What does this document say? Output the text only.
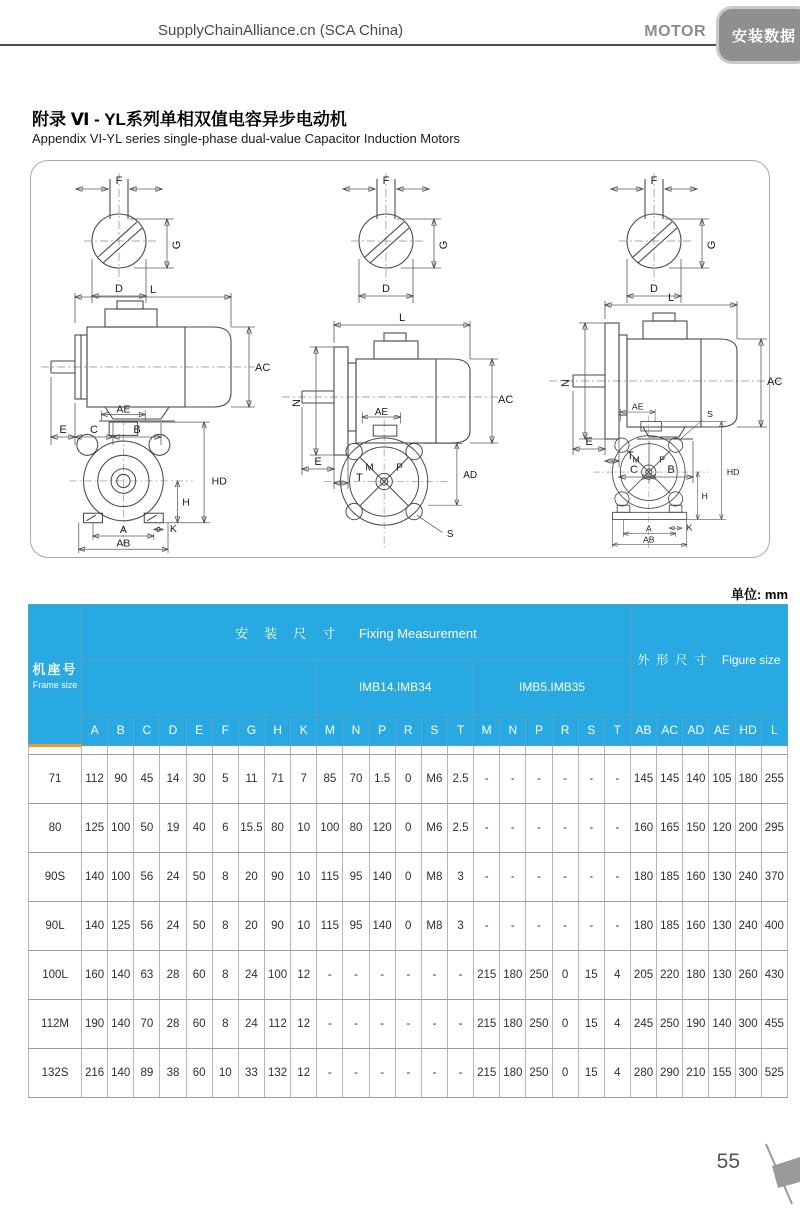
SupplyChainAlliance.cn (SCA China)	MOTOR	安装数据
附录 Ⅵ - YL系列单相双值电容异步电动机
Appendix VI-YL series single-phase dual-value Capacitor Induction Motors
F
G
D
F
G
D
F
G
D
L
AC
E C	B
N
L
AC
E
T
N
L
AC
E
T
C	B
AE
HD
H
K
A
AB
AE
M P
AD
S
AE
S
M P
HD
H
K
A
AB
单位: mm
机座号
Frame size	安装尺寸 Fixing Measurement																					外形尺寸 Figure size					
										IMB14.IMB34						IMB5.IMB35											
	A	B	C	D	E	F	G	H	K	M	N	P	R	S	T	M	N	P	R	S	T	AB	AC	AD	AE	HD	L

71	112	90	45	14	30	5	11	71	7	85	70	1.5	0	M6	2.5	-	-	-	-	-	-	145	145	140	105	180	255
80	125	100	50	19	40	6	15.5	80	10	100	80	120	0	M6	2.5	-	-	-	-	-	-	160	165	150	120	200	295
90S	140	100	56	24	50	8	20	90	10	115	95	140	0	M8	3	-	-	-	-	-	-	180	185	160	130	240	370
90L	140	125	56	24	50	8	20	90	10	115	95	140	0	M8	3	-	-	-	-	-	-	180	185	160	130	240	400
100L	160	140	63	28	60	8	24	100	12	-	-	-	-	-	-	215	180	250	0	15	4	205	220	180	130	260	430
112M	190	140	70	28	60	8	24	112	12	-	-	-	-	-	-	215	180	250	0	15	4	245	250	190	140	300	455
132S	216	140	89	38	60	10	33	132	12	-	-	-	-	-	-	215	180	250	0	15	4	280	290	210	155	300	525
55
